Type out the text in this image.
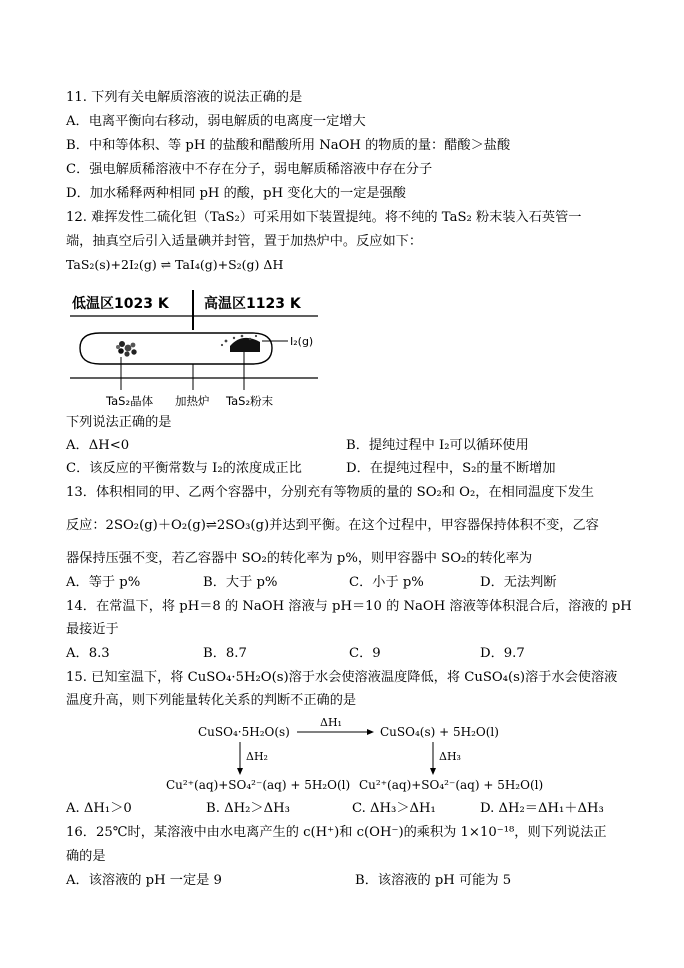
11. 下列有关电解质溶液的说法正确的是
A．电离平衡向右移动，弱电解质的电离度一定增大
B．中和等体积、等 pH 的盐酸和醋酸所用 NaOH 的物质的量：醋酸＞盐酸
C．强电解质稀溶液中不存在分子，弱电解质稀溶液中存在分子
D．加水稀释两种相同 pH 的酸，pH 变化大的一定是强酸
12. 难挥发性二硫化钽（TaS₂）可采用如下装置提纯。将不纯的 TaS₂ 粉末装入石英管一
端，抽真空后引入适量碘并封管，置于加热炉中。反应如下：
TaS₂(s)+2I₂(g) ⇌ TaI₄(g)+S₂(g) ΔH
低温区1023 K	高温区1123 K
I₂(g)
TaS₂晶体 加热炉 TaS₂粉末
下列说法正确的是
A．ΔH<0	B．提纯过程中 I₂可以循环使用
C．该反应的平衡常数与 I₂的浓度成正比	D．在提纯过程中，S₂的量不断增加
13．体积相同的甲、乙两个容器中，分别充有等物质的量的 SO₂和 O₂，在相同温度下发生
反应：2SO₂(g)＋O₂(g)⇌2SO₃(g)并达到平衡。在这个过程中，甲容器保持体积不变，乙容
器保持压强不变，若乙容器中 SO₂的转化率为 p%，则甲容器中 SO₂的转化率为
A．等于 p%	B．大于 p%	C．小于 p%	D．无法判断
14．在常温下，将 pH＝8 的 NaOH 溶液与 pH＝10 的 NaOH 溶液等体积混合后，溶液的 pH
最接近于
A．8.3	B．8.7	C．9	D．9.7
15. 已知室温下，将 CuSO₄·5H₂O(s)溶于水会使溶液温度降低，将 CuSO₄(s)溶于水会使溶液
温度升高，则下列能量转化关系的判断不正确的是
CuSO₄·5H₂O(s)	CuSO₄(s) + 5H₂O(l)
ΔH₁
ΔH₂	ΔH₃
Cu²⁺(aq)+SO₄²⁻(aq) + 5H₂O(l) Cu²⁺(aq)+SO₄²⁻(aq) + 5H₂O(l)
A. ΔH₁＞0	B. ΔH₂＞ΔH₃	C. ΔH₃＞ΔH₁	D. ΔH₂＝ΔH₁＋ΔH₃
16．25℃时，某溶液中由水电离产生的 c(H⁺)和 c(OH⁻)的乘积为 1×10⁻¹⁸，则下列说法正
确的是
A．该溶液的 pH 一定是 9	B．该溶液的 pH 可能为 5
